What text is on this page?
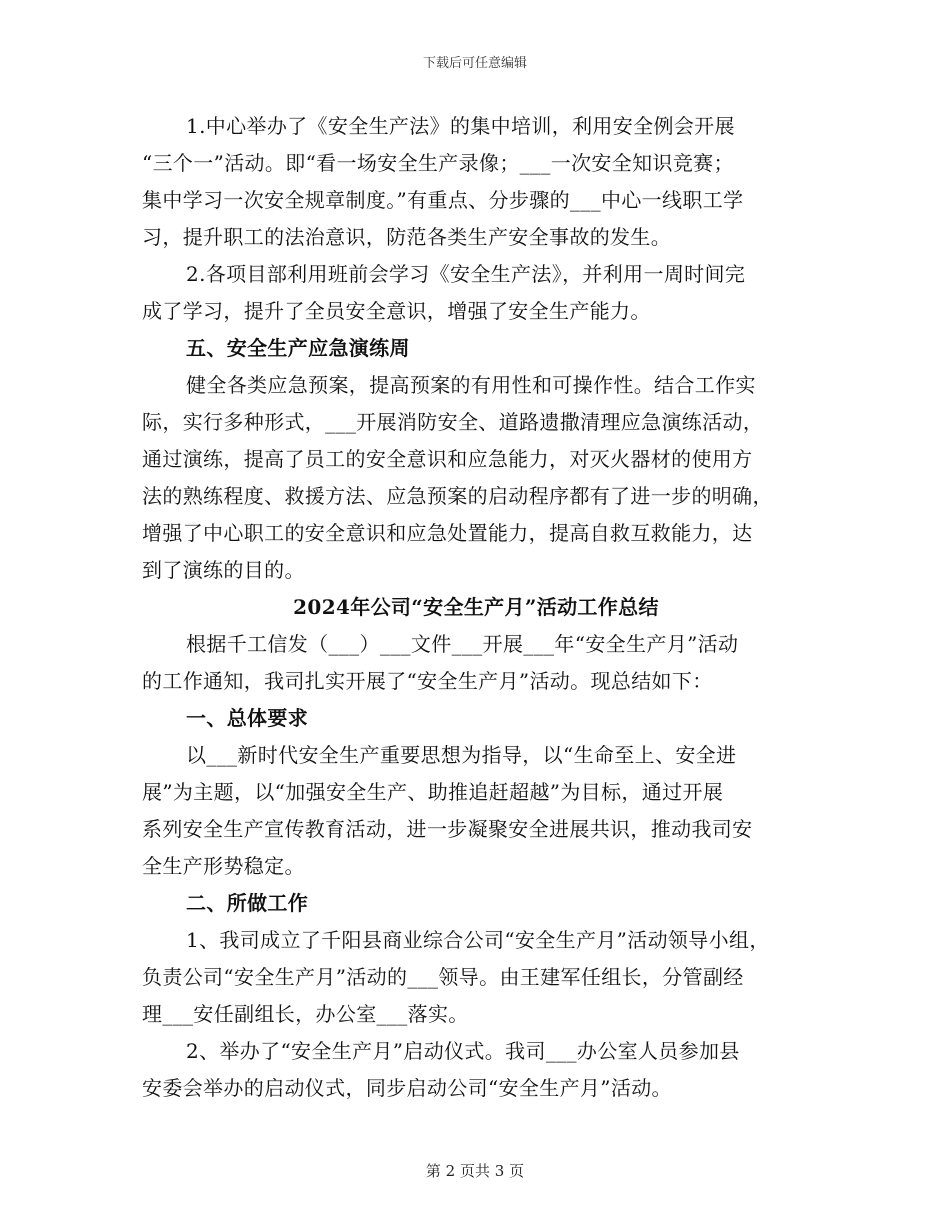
下载后可任意编辑
1.中心举办了《安全生产法》的集中培训，利用安全例会开展
“三个一”活动。即“看一场安全生产录像；___一次安全知识竞赛；
集中学习一次安全规章制度。”有重点、分步骤的___中心一线职工学
习，提升职工的法治意识，防范各类生产安全事故的发生。
2.各项目部利用班前会学习《安全生产法》，并利用一周时间完
成了学习，提升了全员安全意识，增强了安全生产能力。
五、安全生产应急演练周
健全各类应急预案，提高预案的有用性和可操作性。结合工作实
际，实行多种形式，___开展消防安全、道路遗撒清理应急演练活动，
通过演练，提高了员工的安全意识和应急能力，对灭火器材的使用方
法的熟练程度、救援方法、应急预案的启动程序都有了进一步的明确，
增强了中心职工的安全意识和应急处置能力，提高自救互救能力，达
到了演练的目的。
2024年公司“安全生产月”活动工作总结
根据千工信发（___）___文件___开展___年“安全生产月”活动
的工作通知，我司扎实开展了“安全生产月”活动。现总结如下：
一、总体要求
以___新时代安全生产重要思想为指导，以“生命至上、安全进
展”为主题，以“加强安全生产、助推追赶超越”为目标，通过开展
系列安全生产宣传教育活动，进一步凝聚安全进展共识，推动我司安
全生产形势稳定。
二、所做工作
1、我司成立了千阳县商业综合公司“安全生产月”活动领导小组，
负责公司“安全生产月”活动的___领导。由王建军任组长，分管副经
理___安任副组长，办公室___落实。
2、举办了“安全生产月”启动仪式。我司___办公室人员参加县
安委会举办的启动仪式，同步启动公司“安全生产月”活动。
第 2 页共 3 页
